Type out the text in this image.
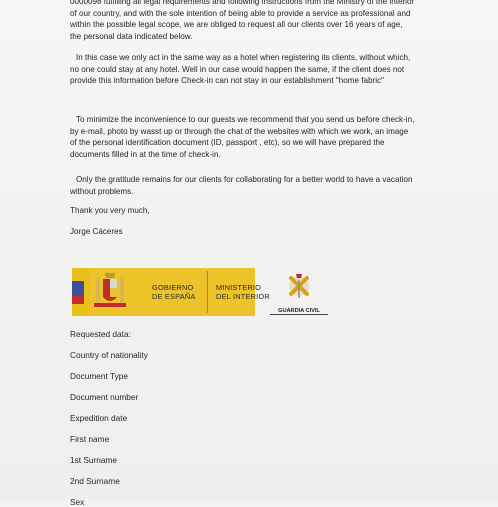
0000098 fulfilling all legal requirements and following instructions from the Ministry of the interior of our country, and with the sole intention of being able to provide a service as professional and within the possible legal scope, we are obliged to request all our clients over 16 years of age, the personal data indicated below.

In this case we only act in the same way as a hotel when registering its clients, without which, no one could stay at any hotel. Well in our case would happen the same, if the client does not provide this information before Check-in can not stay in our establishment "home fabric"

To minimize the inconvenience to our guests we recommend that you send us before check-in, by e-mail, photo by wasst up or through the chat of the websites with which we work, an image of the personal identification document (ID, passport , etc), so we will have prepared the documents filled in at the time of check-in.

Only the gratitude remains for our clients for collaborating for a better world to have a vacation without problems.

Thank you very much,

Jorge Cáceres

GOBIERNO DE ESPAÑA
MINISTERIO DEL INTERIOR
GUARDIA CIVIL

Requested data:

Country of nationality

Document Type

Document number

Expedition date

First name

1st Surname

2nd Surname

Sex
